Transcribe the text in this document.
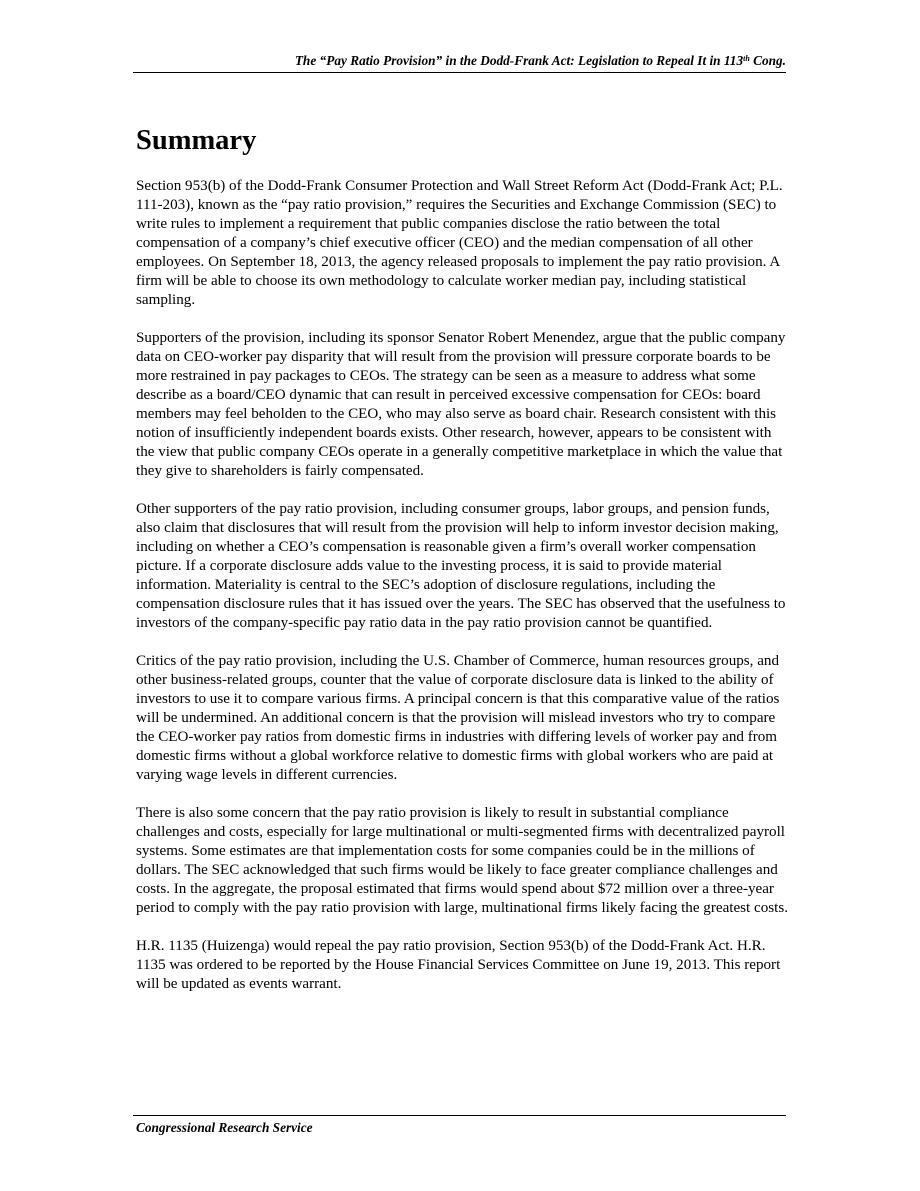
The “Pay Ratio Provision” in the Dodd-Frank Act: Legislation to Repeal It in 113th Cong.
Summary

Section 953(b) of the Dodd-Frank Consumer Protection and Wall Street Reform Act (Dodd-Frank Act; P.L. 111-203), known as the “pay ratio provision,” requires the Securities and Exchange Commission (SEC) to write rules to implement a requirement that public companies disclose the ratio between the total compensation of a company’s chief executive officer (CEO) and the median compensation of all other employees. On September 18, 2013, the agency released proposals to implement the pay ratio provision. A firm will be able to choose its own methodology to calculate worker median pay, including statistical sampling.

Supporters of the provision, including its sponsor Senator Robert Menendez, argue that the public company data on CEO-worker pay disparity that will result from the provision will pressure corporate boards to be more restrained in pay packages to CEOs. The strategy can be seen as a measure to address what some describe as a board/CEO dynamic that can result in perceived excessive compensation for CEOs: board members may feel beholden to the CEO, who may also serve as board chair. Research consistent with this notion of insufficiently independent boards exists. Other research, however, appears to be consistent with the view that public company CEOs operate in a generally competitive marketplace in which the value that they give to shareholders is fairly compensated.

Other supporters of the pay ratio provision, including consumer groups, labor groups, and pension funds, also claim that disclosures that will result from the provision will help to inform investor decision making, including on whether a CEO’s compensation is reasonable given a firm’s overall worker compensation picture. If a corporate disclosure adds value to the investing process, it is said to provide material information. Materiality is central to the SEC’s adoption of disclosure regulations, including the compensation disclosure rules that it has issued over the years. The SEC has observed that the usefulness to investors of the company-specific pay ratio data in the pay ratio provision cannot be quantified.

Critics of the pay ratio provision, including the U.S. Chamber of Commerce, human resources groups, and other business-related groups, counter that the value of corporate disclosure data is linked to the ability of investors to use it to compare various firms. A principal concern is that this comparative value of the ratios will be undermined. An additional concern is that the provision will mislead investors who try to compare the CEO-worker pay ratios from domestic firms in industries with differing levels of worker pay and from domestic firms without a global workforce relative to domestic firms with global workers who are paid at varying wage levels in different currencies.

There is also some concern that the pay ratio provision is likely to result in substantial compliance challenges and costs, especially for large multinational or multi-segmented firms with decentralized payroll systems. Some estimates are that implementation costs for some companies could be in the millions of dollars. The SEC acknowledged that such firms would be likely to face greater compliance challenges and costs. In the aggregate, the proposal estimated that firms would spend about $72 million over a three-year period to comply with the pay ratio provision with large, multinational firms likely facing the greatest costs.

H.R. 1135 (Huizenga) would repeal the pay ratio provision, Section 953(b) of the Dodd-Frank Act. H.R. 1135 was ordered to be reported by the House Financial Services Committee on June 19, 2013. This report will be updated as events warrant.

Congressional Research Service
